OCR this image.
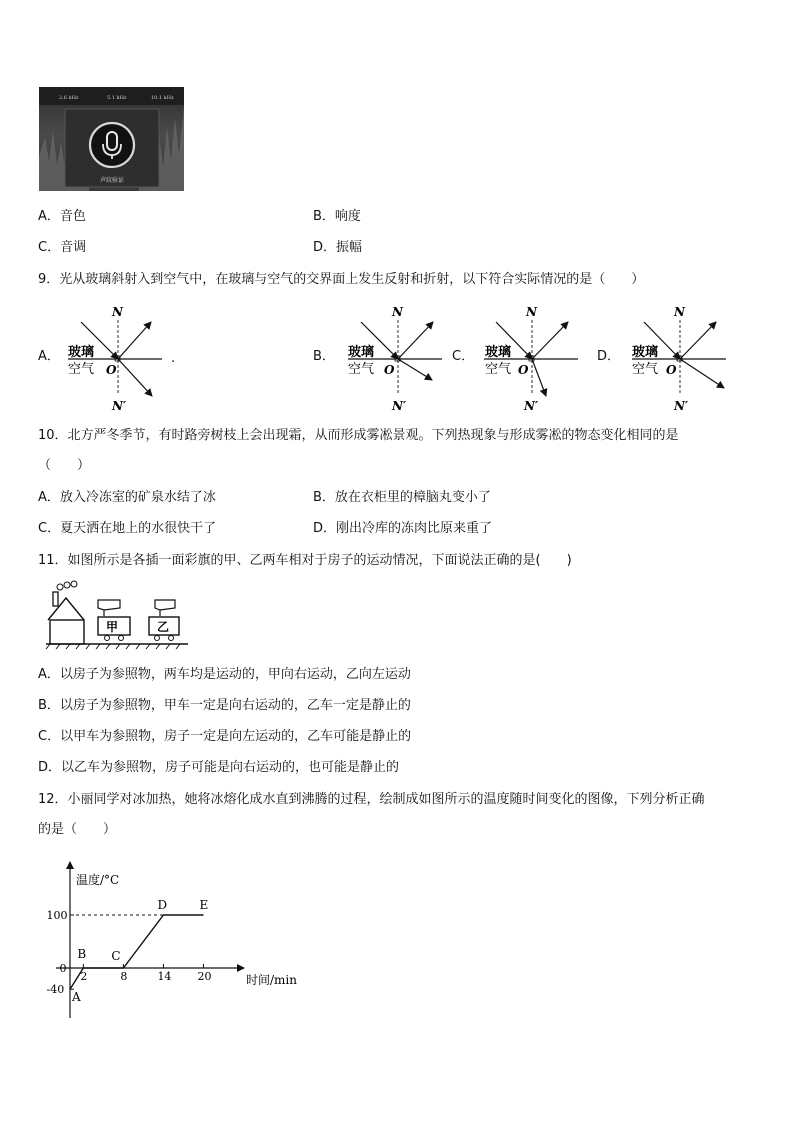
2.6 kHz	5.1 kHz	10.1 kHz
声纹验证
A．音色	B．响度
C．音调	D．振幅
9．光从玻璃斜射入到空气中，在玻璃与空气的交界面上发生反射和折射，以下符合实际情况的是（　　）
A．	B．	C．	D．
.
N
N′
O
玻璃
空气
N
N′
O
玻璃
空气
N
N′
O
玻璃
空气
N
N′
O
玻璃
空气
10．北方严冬季节，有时路旁树枝上会出现霜，从而形成雾凇景观。下列热现象与形成雾凇的物态变化相同的是
（　　）
A．放入冷冻室的矿泉水结了冰	B．放在衣柜里的樟脑丸变小了
C．夏天洒在地上的水很快干了	D．刚出冷库的冻肉比原来重了
11．如图所示是各插一面彩旗的甲、乙两车相对于房子的运动情况，下面说法正确的是(　　)
甲	乙
A．以房子为参照物，两车均是运动的，甲向右运动，乙向左运动
B．以房子为参照物，甲车一定是向右运动的，乙车一定是静止的
C．以甲车为参照物，房子一定是向左运动的，乙车可能是静止的
D．以乙车为参照物，房子可能是向右运动的，也可能是静止的
12．小丽同学对冰加热，她将冰熔化成水直到沸腾的过程，绘制成如图所示的温度随时间变化的图像，下列分析正确
的是（　　）
温度/°C
时间/min
2	8	14 20
100
0
-40
A
B C
D	E
